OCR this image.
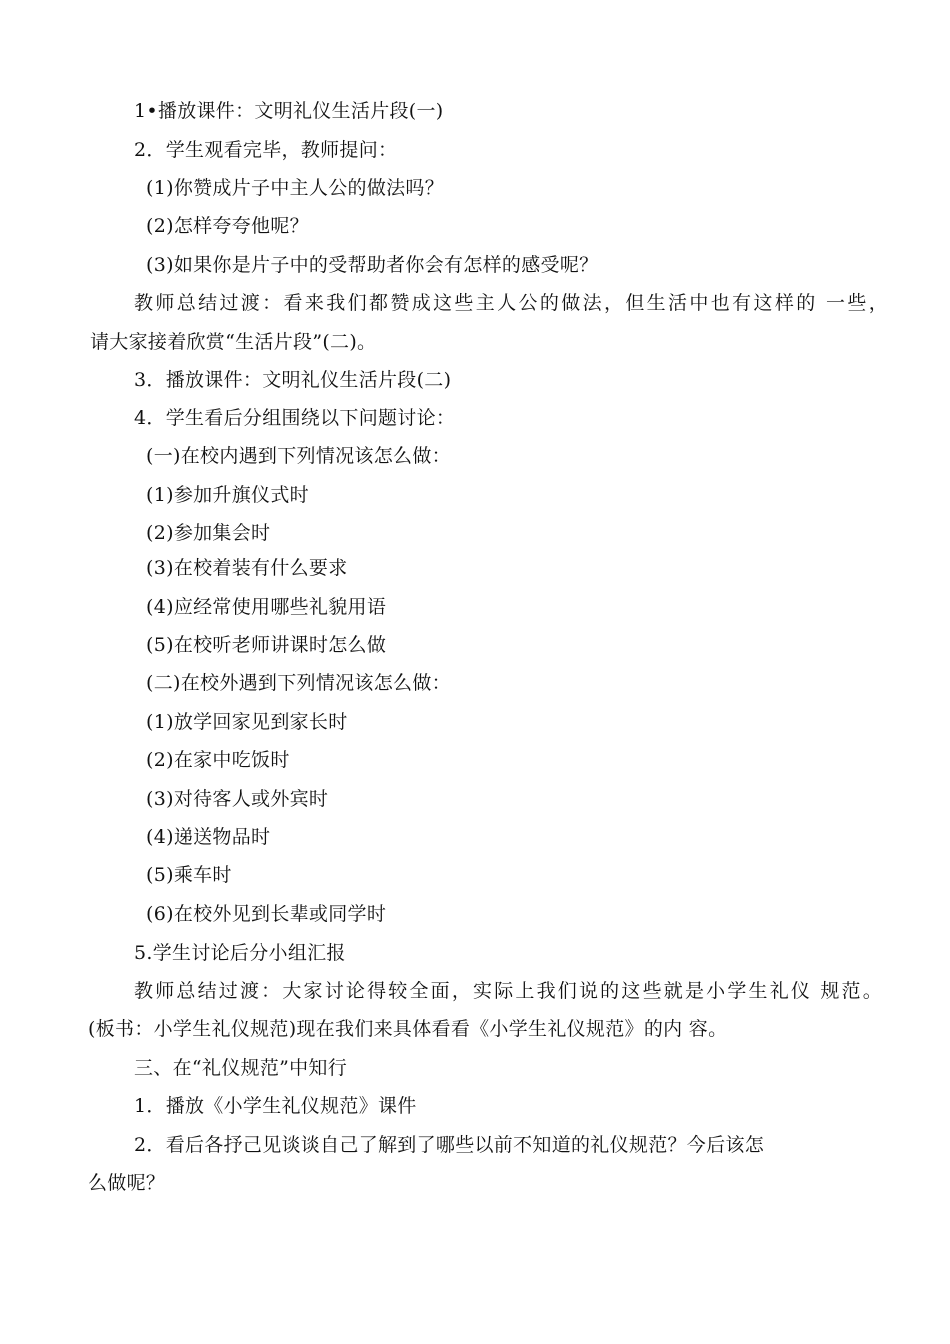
1•播放课件：文明礼仪生活片段(一)
2．学生观看完毕，教师提问：
(1)你赞成片子中主人公的做法吗？
(2)怎样夸夸他呢？
(3)如果你是片子中的受帮助者你会有怎样的感受呢？
教师总结过渡：看来我们都赞成这些主人公的做法，但生活中也有这样的 一些，
请大家接着欣赏“生活片段”(二)。
3．播放课件：文明礼仪生活片段(二)
4．学生看后分组围绕以下问题讨论：
(一)在校内遇到下列情况该怎么做：
(1)参加升旗仪式时
(2)参加集会时
(3)在校着装有什么要求
(4)应经常使用哪些礼貌用语
(5)在校听老师讲课时怎么做
(二)在校外遇到下列情况该怎么做：
(1)放学回家见到家长时
(2)在家中吃饭时
(3)对待客人或外宾时
(4)递送物品时
(5)乘车时
(6)在校外见到长辈或同学时
5.学生讨论后分小组汇报
教师总结过渡：大家讨论得较全面，实际上我们说的这些就是小学生礼仪 规范。
(板书：小学生礼仪规范)现在我们来具体看看《小学生礼仪规范》的内 容。
三、在“礼仪规范”中知行
1．播放《小学生礼仪规范》课件
2．看后各抒己见谈谈自己了解到了哪些以前不知道的礼仪规范？今后该怎
么做呢？
